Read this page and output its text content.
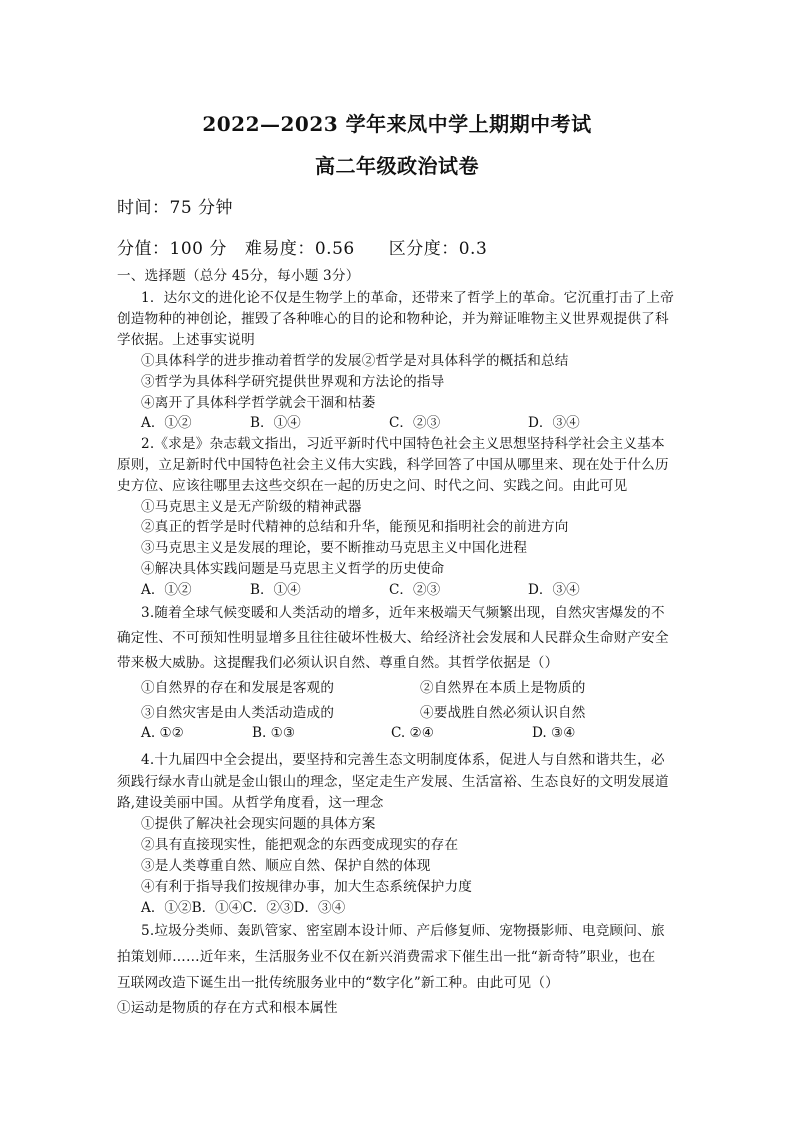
2022—2023 学年来凤中学上期期中考试
高二年级政治试卷
时间：75 分钟
分值：100 分 难易度：0.56 区分度：0.3
一、选择题（总分 45分，每小题 3分）
1．达尔文的进化论不仅是生物学上的革命，还带来了哲学上的革命。它沉重打击了上帝
创造物种的神创论，摧毁了各种唯心的目的论和物种论，并为辩证唯物主义世界观提供了科
学依据。上述事实说明
①具体科学的进步推动着哲学的发展②哲学是对具体科学的概括和总结
③哲学为具体科学研究提供世界观和方法论的指导
④离开了具体科学哲学就会干涸和枯萎
A．①②	B．①④	C．②③	D．③④
2.《求是》杂志载文指出，习近平新时代中国特色社会主义思想坚持科学社会主义基本
原则，立足新时代中国特色社会主义伟大实践，科学回答了中国从哪里来、现在处于什么历
史方位、应该往哪里去这些交织在一起的历史之问、时代之问、实践之问。由此可见
①马克思主义是无产阶级的精神武器
②真正的哲学是时代精神的总结和升华，能预见和指明社会的前进方向
③马克思主义是发展的理论，要不断推动马克思主义中国化进程
④解决具体实践问题是马克思主义哲学的历史使命
A．①②	B．①④	C．②③	D．③④
3.随着全球气候变暖和人类活动的增多，近年来极端天气频繁出现，自然灾害爆发的不
确定性、不可预知性明显增多且往往破坏性极大、给经济社会发展和人民群众生命财产安全
带来极大威胁。这提醒我们必须认识自然、尊重自然。其哲学依据是（）
①自然界的存在和发展是客观的	②自然界在本质上是物质的
③自然灾害是由人类活动造成的	④要战胜自然必须认识自然
A. ①②	B. ①③	C. ②④	D. ③④
4.十九届四中全会提出，要坚持和完善生态文明制度体系，促进人与自然和谐共生，必
须践行绿水青山就是金山银山的理念，坚定走生产发展、生活富裕、生态良好的文明发展道
路,建设美丽中国。从哲学角度看，这一理念
①提供了解决社会现实问题的具体方案
②具有直接现实性，能把观念的东西变成现实的存在
③是人类尊重自然、顺应自然、保护自然的体现
④有利于指导我们按规律办事，加大生态系统保护力度
A．①②B．①④C．②③D．③④
5.垃圾分类师、轰趴管家、密室剧本设计师、产后修复师、宠物摄影师、电竞顾问、旅
拍策划师……近年来，生活服务业不仅在新兴消费需求下催生出一批“新奇特”职业，也在
互联网改造下诞生出一批传统服务业中的“数字化”新工种。由此可见（）
①运动是物质的存在方式和根本属性
